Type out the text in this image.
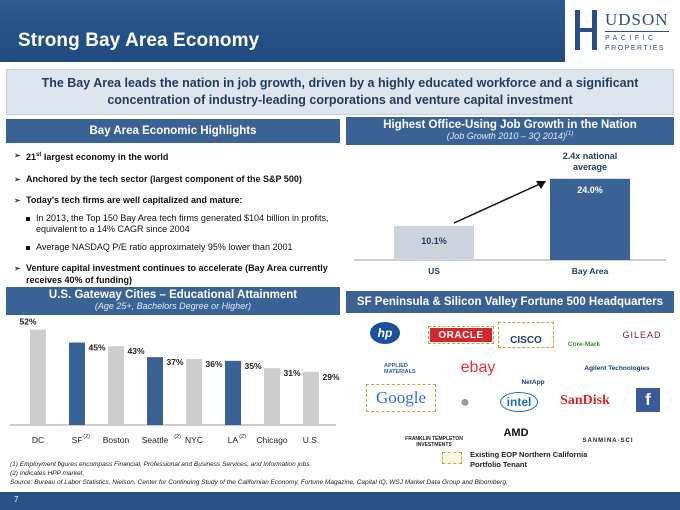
Strong Bay Area Economy
UDSON
PACIFIC
PROPERTIES
The Bay Area leads the nation in job growth, driven by a highly educated workforce and a significant concentration of industry-leading corporations and venture capital investment
Bay Area Economic Highlights
➢ 21st largest economy in the world
➢ Anchored by the tech sector (largest component of the S&P 500)
➢ Today's tech firms are well capitalized and mature:
In 2013, the Top 150 Bay Area tech firms generated $104 billion in profits, equivalent to a 14% CAGR since 2004
Average NASDAQ P/E ratio approximately 95% lower than 2001
➢ Venture capital investment continues to accelerate (Bay Area currently receives 40% of funding)
Highest Office-Using Job Growth in the Nation
(Job Growth 2010 – 3Q 2014)$^{(1)}$
10.1%
US
24.0%
Bay Area
2.4x national
average
U.S. Gateway Cities – Educational Attainment
(Age 25+, Bachelors Degree or Higher)
52%
DC
45%
SF (2)
43%
Boston
37%
Seattle (2)
36%
NYC
35%
LA (2)
31%
Chicago
29%
U.S.
SF Peninsula & Silicon Valley Fortune 500 Headquarters
hp	ORACLE	CISCO	Core-Mark
GILEAD
APPLIED MATERIALS	ebay
NetApp
Agilent Technologies
Google	●	intel	SanDisk	f
FRANKLIN TEMPLETON INVESTMENTS
AMD
SANMINA·SCI
Existing EOP Northern California
Portfolio Tenant
(1) Employment figures encompass Financial, Professional and Business Services, and Information jobs.
(2) Indicates HPP market.
Source: Bureau of Labor Statistics, Nielson, Center for Continuing Study of the Californian Economy, Fortune Magazine, Capital IQ, WSJ Market Data Group and Bloomberg.
7
